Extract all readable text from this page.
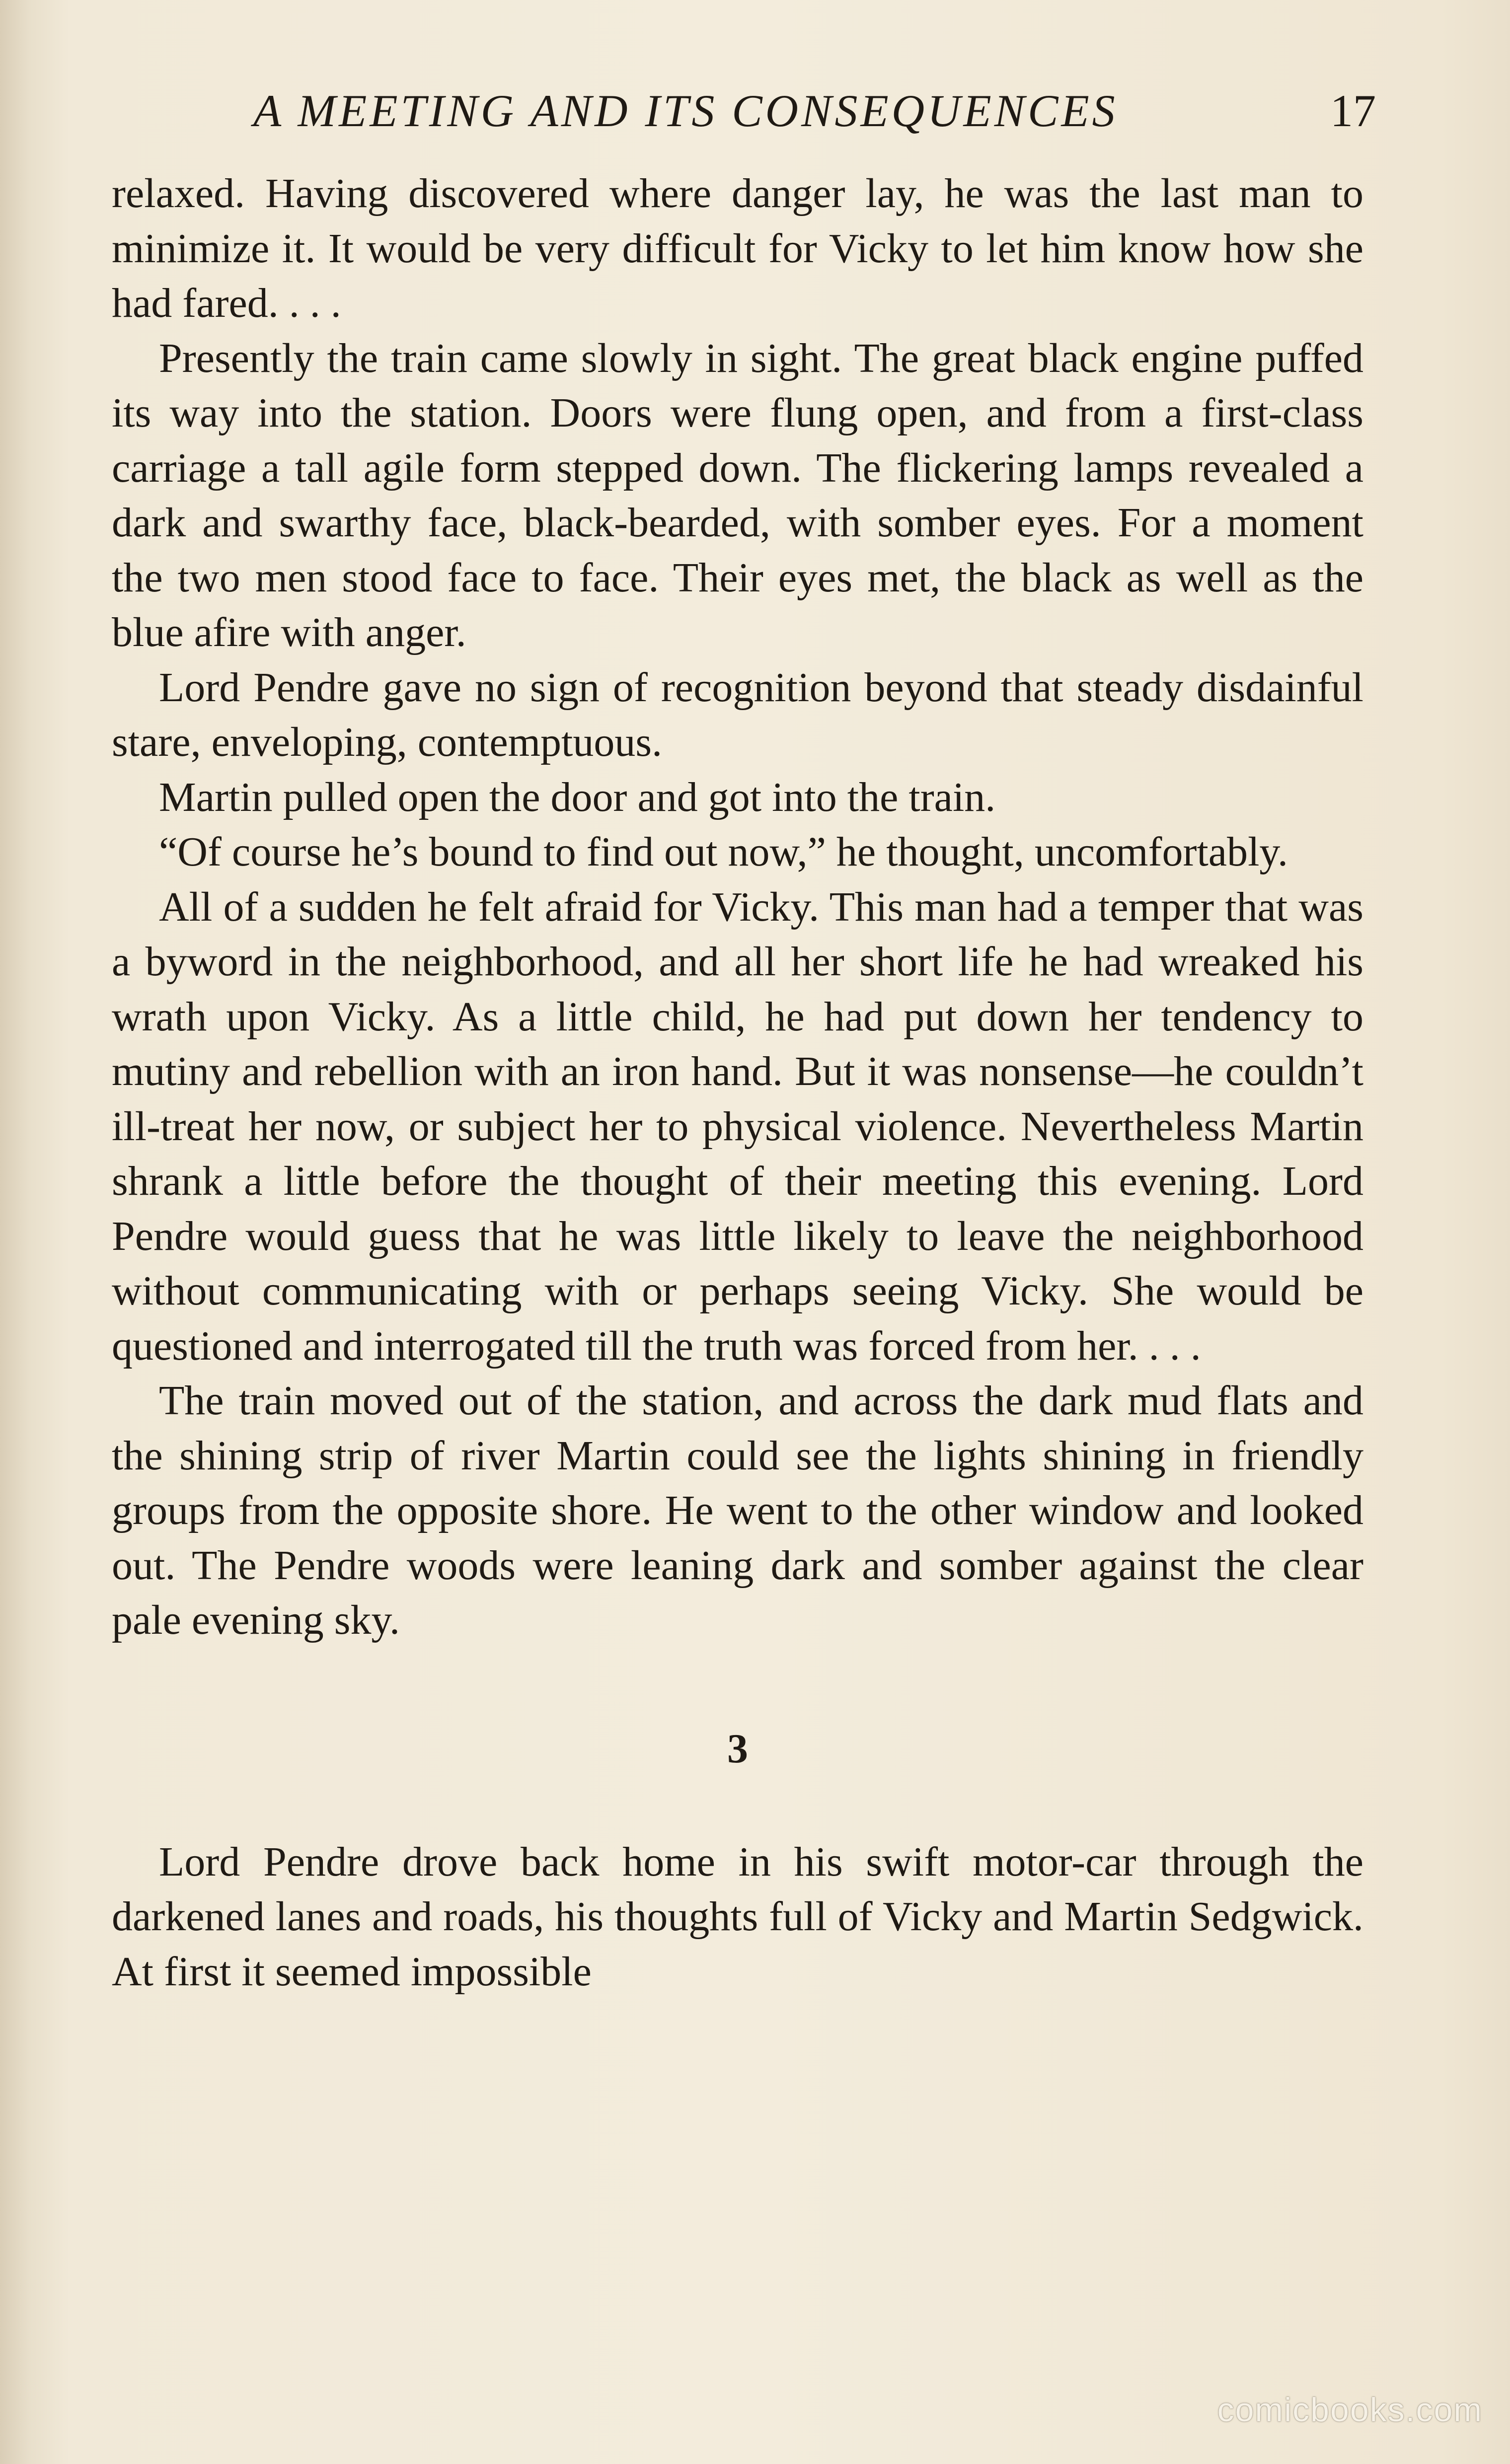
A MEETING AND ITS CONSEQUENCES	17

relaxed. Having discovered where danger lay, he was the last man to minimize it. It would be very difficult for Vicky to let him know how she had fared. . . .

Presently the train came slowly in sight. The great black engine puffed its way into the station. Doors were flung open, and from a first-class carriage a tall agile form stepped down. The flickering lamps revealed a dark and swarthy face, black-bearded, with somber eyes. For a moment the two men stood face to face. Their eyes met, the black as well as the blue afire with anger.

Lord Pendre gave no sign of recognition beyond that steady disdainful stare, enveloping, contemptuous.

Martin pulled open the door and got into the train.

“Of course he’s bound to find out now,” he thought, uncomfortably.

All of a sudden he felt afraid for Vicky. This man had a temper that was a byword in the neighborhood, and all her short life he had wreaked his wrath upon Vicky. As a little child, he had put down her tendency to mutiny and rebellion with an iron hand. But it was nonsense—he couldn’t ill-treat her now, or subject her to physical violence. Nevertheless Martin shrank a little before the thought of their meeting this evening. Lord Pendre would guess that he was little likely to leave the neighborhood without communicating with or perhaps seeing Vicky. She would be questioned and interrogated till the truth was forced from her. . . .

The train moved out of the station, and across the dark mud flats and the shining strip of river Martin could see the lights shining in friendly groups from the opposite shore. He went to the other window and looked out. The Pendre woods were leaning dark and somber against the clear pale evening sky.

3

Lord Pendre drove back home in his swift motor-car through the darkened lanes and roads, his thoughts full of Vicky and Martin Sedgwick. At first it seemed impossible

comicbooks.com
